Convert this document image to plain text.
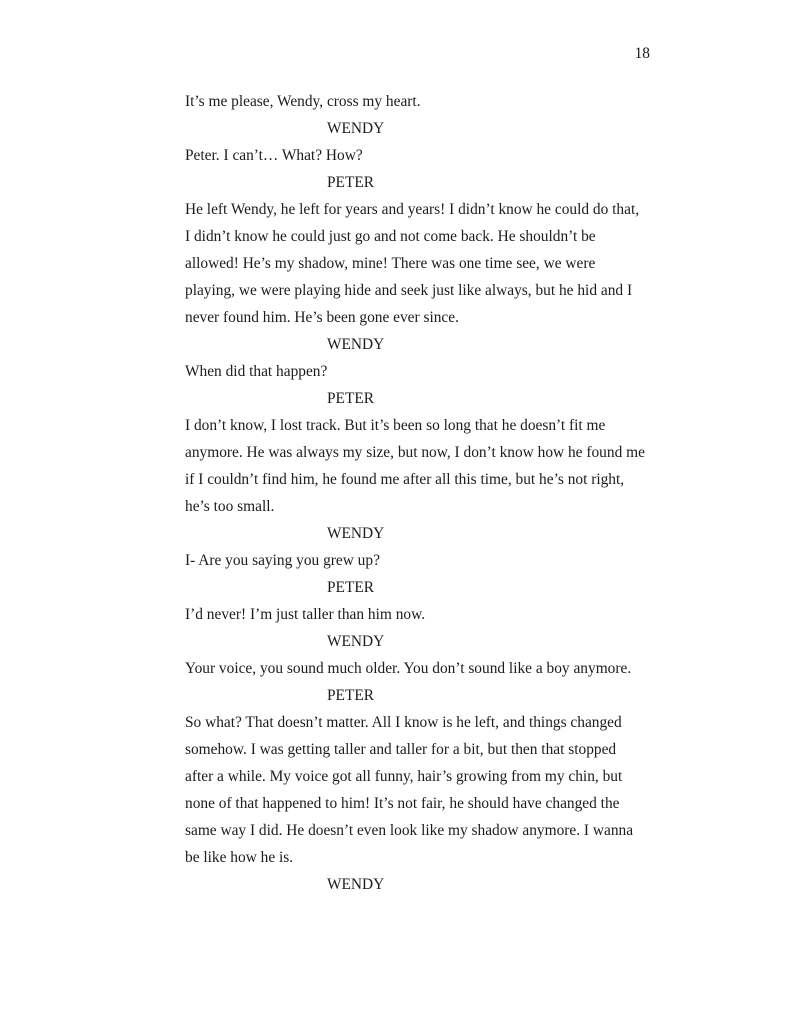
18
It’s me please, Wendy, cross my heart.
WENDY
Peter. I can’t… What? How?
PETER
He left Wendy, he left for years and years! I didn’t know he could do that,
I didn’t know he could just go and not come back. He shouldn’t be
allowed! He’s my shadow, mine! There was one time see, we were
playing, we were playing hide and seek just like always, but he hid and I
never found him. He’s been gone ever since.
WENDY
When did that happen?
PETER
I don’t know, I lost track. But it’s been so long that he doesn’t fit me
anymore. He was always my size, but now, I don’t know how he found me
if I couldn’t find him, he found me after all this time, but he’s not right,
he’s too small.
WENDY
I- Are you saying you grew up?
PETER
I’d never! I’m just taller than him now.
WENDY
Your voice, you sound much older. You don’t sound like a boy anymore.
PETER
So what? That doesn’t matter. All I know is he left, and things changed
somehow. I was getting taller and taller for a bit, but then that stopped
after a while. My voice got all funny, hair’s growing from my chin, but
none of that happened to him! It’s not fair, he should have changed the
same way I did. He doesn’t even look like my shadow anymore. I wanna
be like how he is.
WENDY
